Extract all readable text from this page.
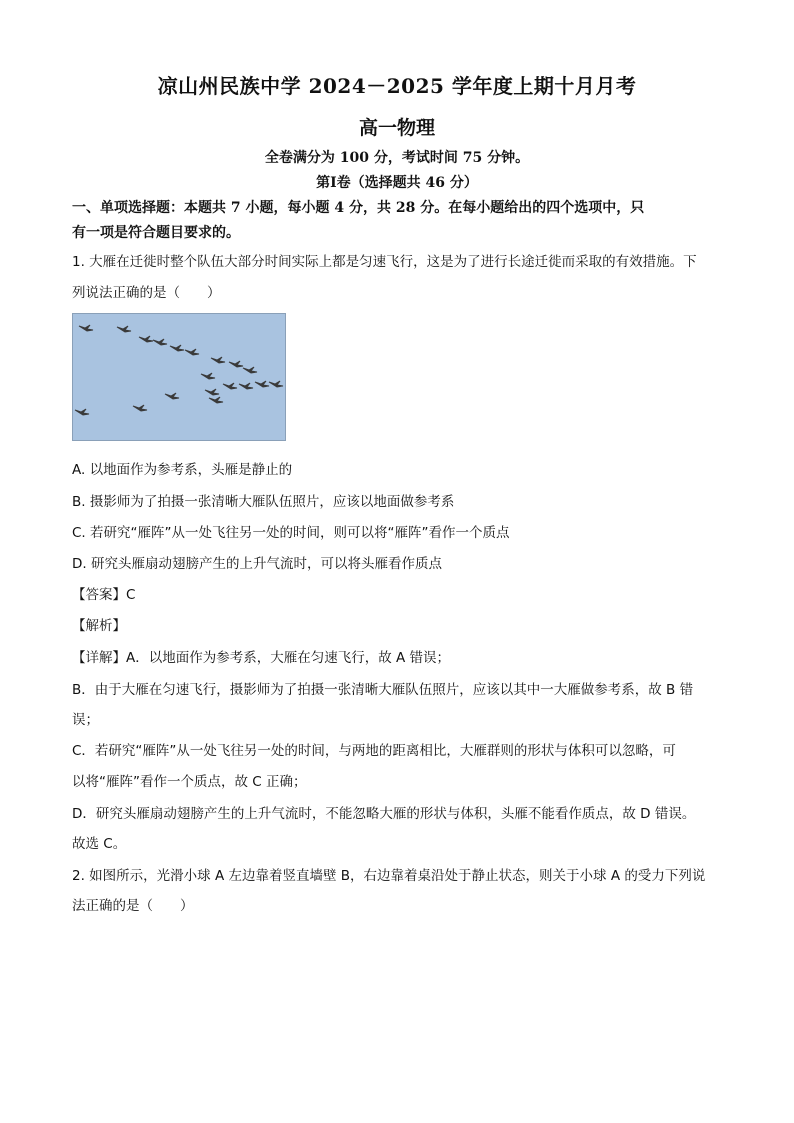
凉山州民族中学 2024－2025 学年度上期十月月考
高一物理
全卷满分为 100 分，考试时间 75 分钟。
第Ⅰ卷（选择题共 46 分）
一、单项选择题：本题共 7 小题，每小题 4 分，共 28 分。在每小题给出的四个选项中，只
有一项是符合题目要求的。
1. 大雁在迁徙时整个队伍大部分时间实际上都是匀速飞行，这是为了进行长途迁徙而采取的有效措施。下
列说法正确的是（　　）
A. 以地面作为参考系，头雁是静止的
B. 摄影师为了拍摄一张清晰大雁队伍照片，应该以地面做参考系
C. 若研究“雁阵”从一处飞往另一处的时间，则可以将“雁阵”看作一个质点
D. 研究头雁扇动翅膀产生的上升气流时，可以将头雁看作质点
【答案】C
【解析】
【详解】A．以地面作为参考系，大雁在匀速飞行，故 A 错误；
B．由于大雁在匀速飞行，摄影师为了拍摄一张清晰大雁队伍照片，应该以其中一大雁做参考系，故 B 错
误；
C．若研究“雁阵”从一处飞往另一处的时间，与两地的距离相比，大雁群则的形状与体积可以忽略，可
以将“雁阵”看作一个质点，故 C 正确；
D．研究头雁扇动翅膀产生的上升气流时，不能忽略大雁的形状与体积，头雁不能看作质点，故 D 错误。
故选 C。
2. 如图所示，光滑小球 A 左边靠着竖直墙壁 B，右边靠着桌沿处于静止状态，则关于小球 A 的受力下列说
法正确的是（　　）
